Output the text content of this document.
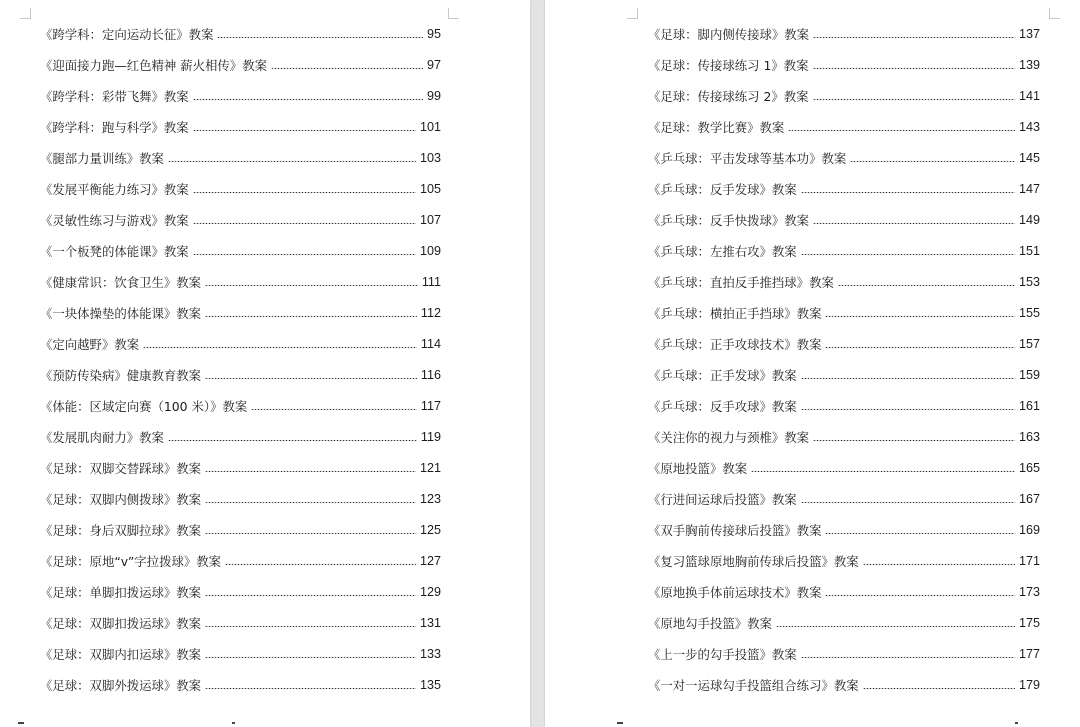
《跨学科：定向运动长征》教案	95
《迎面接力跑—红色精神 薪火相传》教案	97
《跨学科：彩带飞舞》教案	99
《跨学科：跑与科学》教案	101
《腿部力量训练》教案	103
《发展平衡能力练习》教案	105
《灵敏性练习与游戏》教案	107
《一个板凳的体能课》教案	109
《健康常识：饮食卫生》教案	111
《一块体操垫的体能课》教案	112
《定向越野》教案	114
《预防传染病》健康教育教案	116
《体能：区域定向赛（100 米）》教案	117
《发展肌肉耐力》教案	119
《足球：双脚交替踩球》教案	121
《足球：双脚内侧拨球》教案	123
《足球：身后双脚拉球》教案	125
《足球：原地“v”字拉拨球》教案	127
《足球：单脚扣拨运球》教案	129
《足球：双脚扣拨运球》教案	131
《足球：双脚内扣运球》教案	133
《足球：双脚外拨运球》教案	135
《足球：脚内侧传接球》教案	137
《足球：传接球练习 1》教案	139
《足球：传接球练习 2》教案	141
《足球：教学比赛》教案	143
《乒乓球：平击发球等基本功》教案	145
《乒乓球：反手发球》教案	147
《乒乓球：反手快拨球》教案	149
《乒乓球：左推右攻》教案	151
《乒乓球：直拍反手推挡球》教案	153
《乒乓球：横拍正手挡球》教案	155
《乒乓球：正手攻球技术》教案	157
《乒乓球：正手发球》教案	159
《乒乓球：反手攻球》教案	161
《关注你的视力与颈椎》教案	163
《原地投篮》教案	165
《行进间运球后投篮》教案	167
《双手胸前传接球后投篮》教案	169
《复习篮球原地胸前传球后投篮》教案	171
《原地换手体前运球技术》教案	173
《原地勾手投篮》教案	175
《上一步的勾手投篮》教案	177
《一对一运球勾手投篮组合练习》教案	179
